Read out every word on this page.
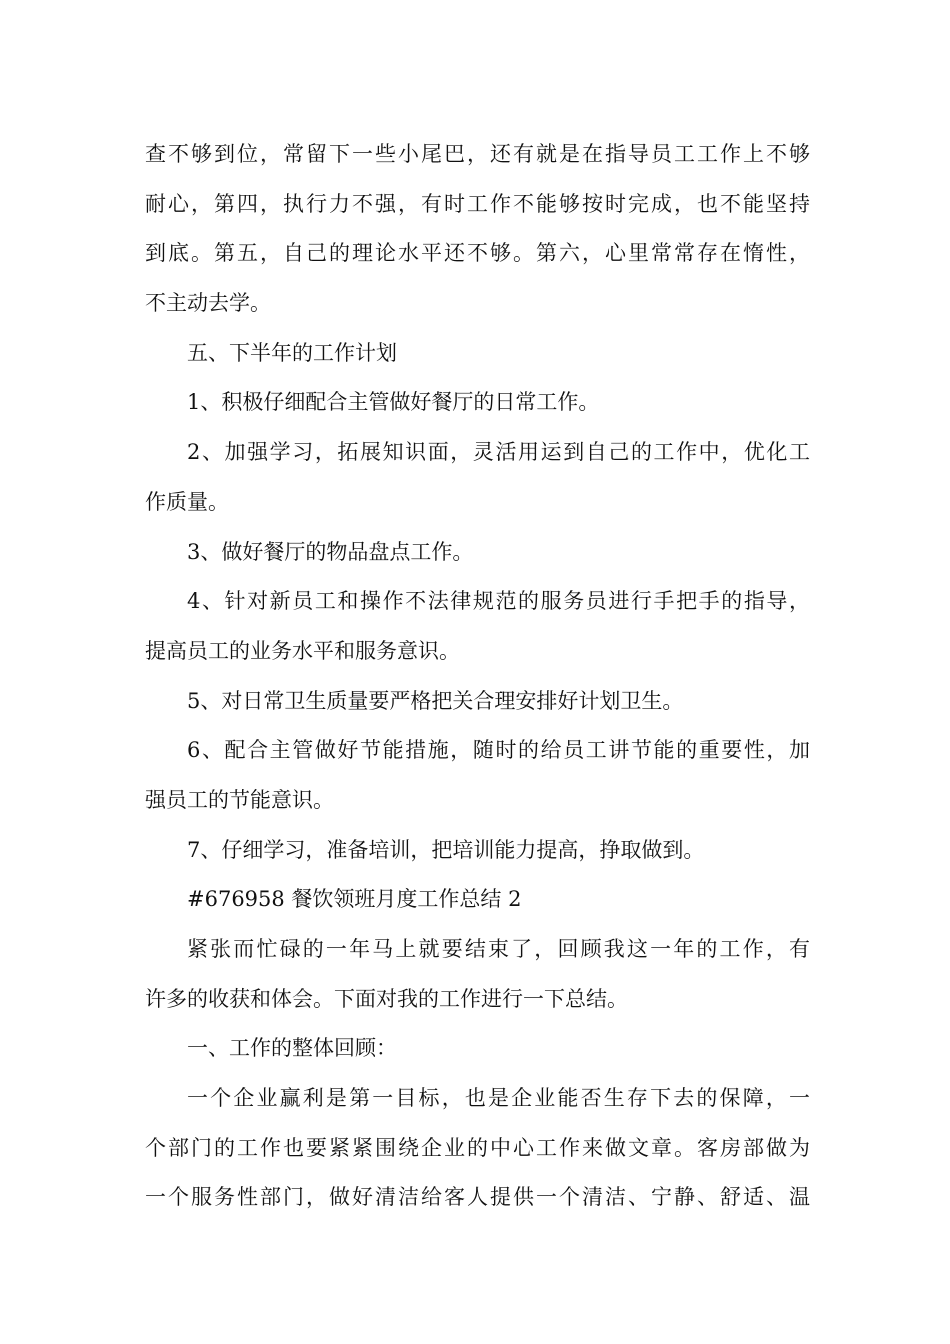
查不够到位，常留下一些小尾巴，还有就是在指导员工工作上不够
耐心，第四，执行力不强，有时工作不能够按时完成，也不能坚持
到底。第五，自己的理论水平还不够。第六，心里常常存在惰性，
不主动去学。
五、下半年的工作计划
1、积极仔细配合主管做好餐厅的日常工作。
2、加强学习，拓展知识面，灵活用运到自己的工作中，优化工
作质量。
3、做好餐厅的物品盘点工作。
4、针对新员工和操作不法律规范的服务员进行手把手的指导，
提高员工的业务水平和服务意识。
5、对日常卫生质量要严格把关合理安排好计划卫生。
6、配合主管做好节能措施，随时的给员工讲节能的重要性，加
强员工的节能意识。
7、仔细学习，准备培训，把培训能力提高，挣取做到。
#676958 餐饮领班月度工作总结 2
紧张而忙碌的一年马上就要结束了，回顾我这一年的工作，有
许多的收获和体会。下面对我的工作进行一下总结。
一、工作的整体回顾：
一个企业赢利是第一目标，也是企业能否生存下去的保障，一
个部门的工作也要紧紧围绕企业的中心工作来做文章。客房部做为
一个服务性部门，做好清洁给客人提供一个清洁、宁静、舒适、温
